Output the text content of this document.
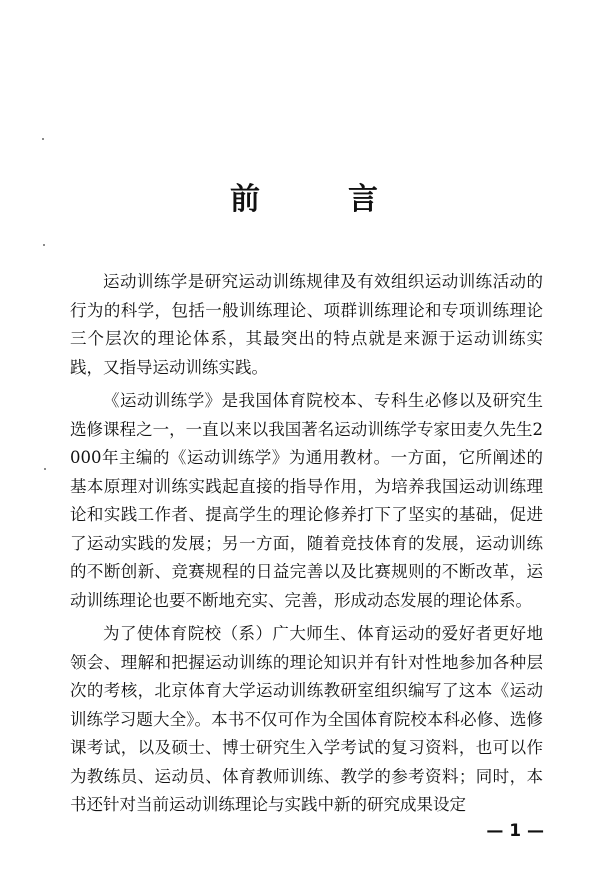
前	言

运动训练学是研究运动训练规律及有效组织运动训练活动的行为的科学，包括一般训练理论、项群训练理论和专项训练理论三个层次的理论体系，其最突出的特点就是来源于运动训练实践，又指导运动训练实践。

《运动训练学》是我国体育院校本、专科生必修以及研究生选修课程之一，一直以来以我国著名运动训练学专家田麦久先生2000年主编的《运动训练学》为通用教材。一方面，它所阐述的基本原理对训练实践起直接的指导作用，为培养我国运动训练理论和实践工作者、提高学生的理论修养打下了坚实的基础，促进了运动实践的发展；另一方面，随着竞技体育的发展，运动训练的不断创新、竞赛规程的日益完善以及比赛规则的不断改革，运动训练理论也要不断地充实、完善，形成动态发展的理论体系。

为了使体育院校（系）广大师生、体育运动的爱好者更好地领会、理解和把握运动训练的理论知识并有针对性地参加各种层次的考核，北京体育大学运动训练教研室组织编写了这本《运动训练学习题大全》。本书不仅可作为全国体育院校本科必修、选修课考试，以及硕士、博士研究生入学考试的复习资料，也可以作为教练员、运动员、体育教师训练、教学的参考资料；同时，本书还针对当前运动训练理论与实践中新的研究成果设定

— 1 —
